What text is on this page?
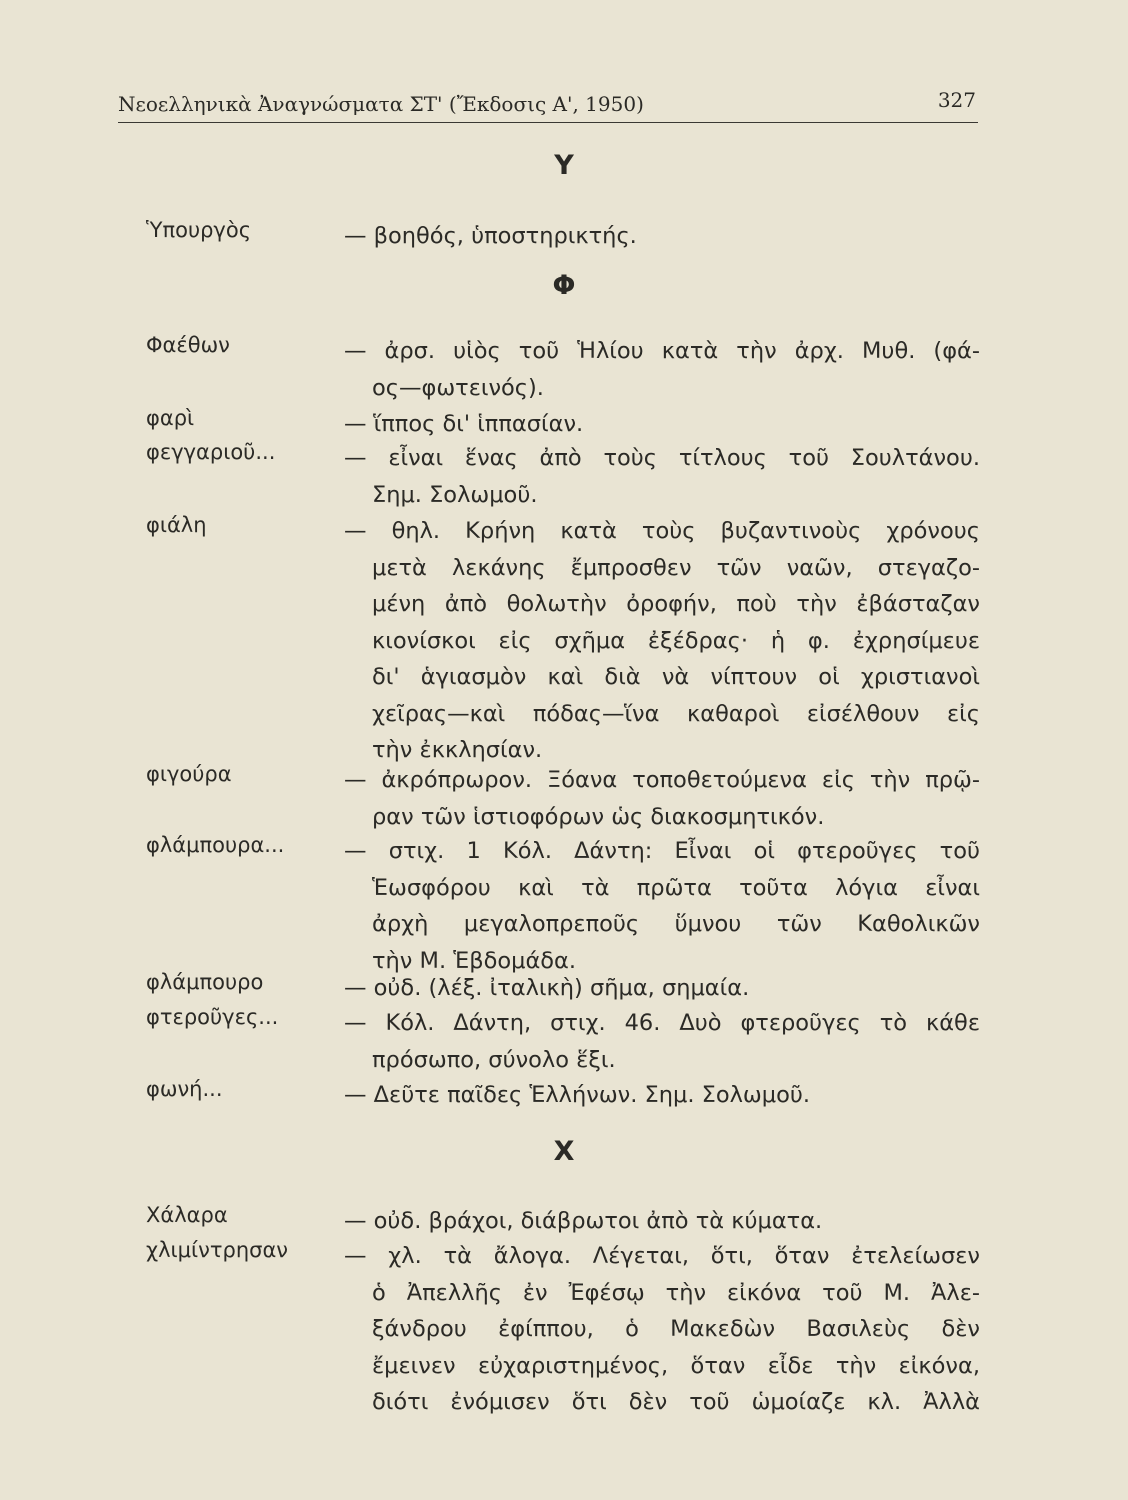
Νεοελληνικὰ Ἀναγνώσματα ΣΤ' (Ἔκδοσις Α', 1950)	327
Υ
Ὑπουργὸς	— βοηθός, ὑποστηρικτής.
Φ
Φαέθων	— ἀρσ. υἱὸς τοῦ Ἡλίου κατὰ τὴν ἀρχ. Μυθ. (φά-
ος—φωτεινός).
φαρὶ	— ἵππος δι' ἱππασίαν.
φεγγαριοῦ...	— εἶναι ἕνας ἀπὸ τοὺς τίτλους τοῦ Σουλτάνου.
Σημ. Σολωμοῦ.
φιάλη	— θηλ. Κρήνη κατὰ τοὺς βυζαντινοὺς χρόνους
μετὰ λεκάνης ἔμπροσθεν τῶν ναῶν, στεγαζο-
μένη ἀπὸ θολωτὴν ὀροφήν, ποὺ τὴν ἐβάσταζαν
κιονίσκοι εἰς σχῆμα ἐξέδρας· ἡ φ. ἐχρησίμευε
δι' ἁγιασμὸν καὶ διὰ νὰ νίπτουν οἱ χριστιανοὶ
χεῖρας—καὶ πόδας—ἵνα καθαροὶ εἰσέλθουν εἰς
τὴν ἐκκλησίαν.
φιγούρα	— ἀκρόπρωρον. Ξόανα τοποθετούμενα εἰς τὴν πρῷ-
ραν τῶν ἱστιοφόρων ὡς διακοσμητικόν.
φλάμπουρα...	— στιχ. 1 Κόλ. Δάντη: Εἶναι οἱ φτεροῦγες τοῦ
Ἑωσφόρου καὶ τὰ πρῶτα τοῦτα λόγια εἶναι
ἀρχὴ μεγαλοπρεποῦς ὕμνου τῶν Καθολικῶν
τὴν Μ. Ἑβδομάδα.
φλάμπουρο	— οὐδ. (λέξ. ἰταλικὴ) σῆμα, σημαία.
φτεροῦγες...	— Κόλ. Δάντη, στιχ. 46. Δυὸ φτεροῦγες τὸ κάθε
πρόσωπο, σύνολο ἕξι.
φωνή...	— Δεῦτε παῖδες Ἑλλήνων. Σημ. Σολωμοῦ.
Χ
Χάλαρα	— οὐδ. βράχοι, διάβρωτοι ἀπὸ τὰ κύματα.
χλιμίντρησαν — χλ. τὰ ἄλογα. Λέγεται, ὅτι, ὅταν ἐτελείωσεν
ὁ Ἀπελλῆς ἐν Ἐφέσῳ τὴν εἰκόνα τοῦ Μ. Ἀλε-
ξάνδρου ἐφίππου, ὁ Μακεδὼν Βασιλεὺς δὲν
ἔμεινεν εὐχαριστημένος, ὅταν εἶδε τὴν εἰκόνα,
διότι ἐνόμισεν ὅτι δὲν τοῦ ὡμοίαζε κλ. Ἀλλὰ
